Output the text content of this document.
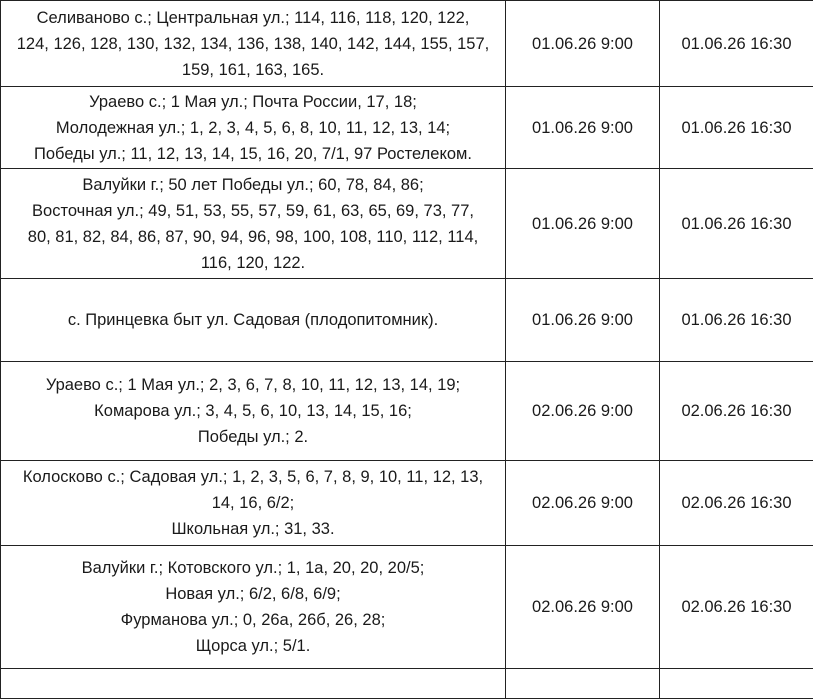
Селиваново с.; Центральная ул.; 114, 116, 118, 120, 122,
124, 126, 128, 130, 132, 134, 136, 138, 140, 142, 144, 155, 157,
159, 161, 163, 165.	01.06.26 9:00	01.06.26 16:30

Ураево с.; 1 Мая ул.; Почта России, 17, 18;
Молодежная ул.; 1, 2, 3, 4, 5, 6, 8, 10, 11, 12, 13, 14;
Победы ул.; 11, 12, 13, 14, 15, 16, 20, 7/1, 97 Ростелеком.	01.06.26 9:00	01.06.26 16:30

Валуйки г.; 50 лет Победы ул.; 60, 78, 84, 86;
Восточная ул.; 49, 51, 53, 55, 57, 59, 61, 63, 65, 69, 73, 77,
80, 81, 82, 84, 86, 87, 90, 94, 96, 98, 100, 108, 110, 112, 114,
116, 120, 122.	01.06.26 9:00	01.06.26 16:30

с. Принцевка быт ул. Садовая (плодопитомник).	01.06.26 9:00	01.06.26 16:30

Ураево с.; 1 Мая ул.; 2, 3, 6, 7, 8, 10, 11, 12, 13, 14, 19;
Комарова ул.; 3, 4, 5, 6, 10, 13, 14, 15, 16;
Победы ул.; 2.	02.06.26 9:00	02.06.26 16:30

Колосково с.; Садовая ул.; 1, 2, 3, 5, 6, 7, 8, 9, 10, 11, 12, 13,
14, 16, 6/2;
Школьная ул.; 31, 33.	02.06.26 9:00	02.06.26 16:30

Валуйки г.; Котовского ул.; 1, 1а, 20, 20, 20/5;
Новая ул.; 6/2, 6/8, 6/9;
Фурманова ул.; 0, 26а, 26б, 26, 28;
Щорса ул.; 5/1.	02.06.26 9:00	02.06.26 16:30
